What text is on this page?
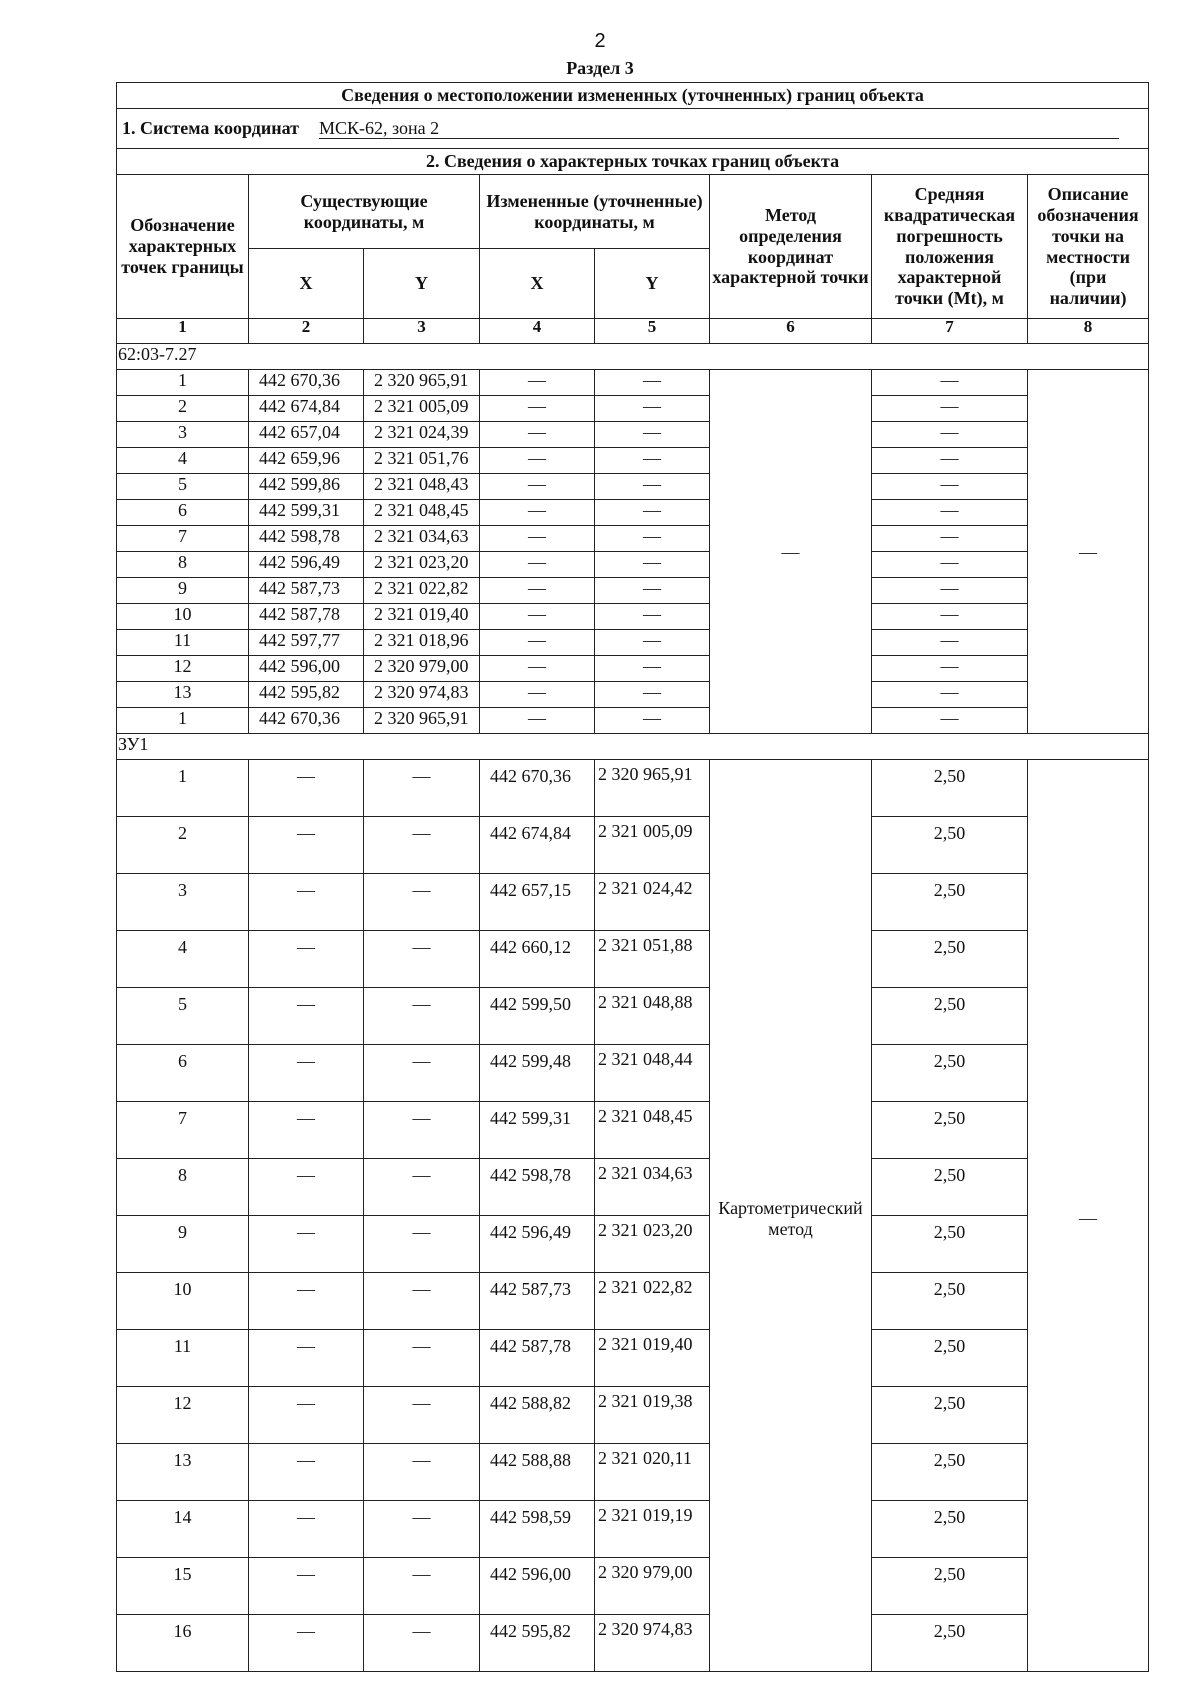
2
Раздел 3
Сведения о местоположении измененных (уточненных) границ объекта							
1. Система координат МСК-62, зона 2							
2. Сведения о характерных точках границ объекта							
Обозначение характерных точек границы	Существующие координаты, м		Измененные (уточненные) координаты, м		Метод определения координат характерной точки	Средняя квадратическая погрешность положения характерной точки (Mt), м	Описание обозначения точки на местности (при наличии)
	X	Y	X	Y			
1	2	3	4	5	6	7	8
62:03-7.27							
1	442 670,36	2 320 965,91	—	—	—	—	—
2	442 674,84	2 321 005,09	—	—		—	
3	442 657,04	2 321 024,39	—	—		—	
4	442 659,96	2 321 051,76	—	—		—	
5	442 599,86	2 321 048,43	—	—		—	
6	442 599,31	2 321 048,45	—	—		—	
7	442 598,78	2 321 034,63	—	—		—	
8	442 596,49	2 321 023,20	—	—		—	
9	442 587,73	2 321 022,82	—	—		—	
10	442 587,78	2 321 019,40	—	—		—	
11	442 597,77	2 321 018,96	—	—		—	
12	442 596,00	2 320 979,00	—	—		—	
13	442 595,82	2 320 974,83	—	—		—	
1	442 670,36	2 320 965,91	—	—		—	
ЗУ1							
1	—	—	442 670,36	2 320 965,91	Картометрический метод	2,50	—
2	—	—	442 674,84	2 321 005,09		2,50	
3	—	—	442 657,15	2 321 024,42		2,50	
4	—	—	442 660,12	2 321 051,88		2,50	
5	—	—	442 599,50	2 321 048,88		2,50	
6	—	—	442 599,48	2 321 048,44		2,50	
7	—	—	442 599,31	2 321 048,45		2,50	
8	—	—	442 598,78	2 321 034,63		2,50	
9	—	—	442 596,49	2 321 023,20		2,50	
10	—	—	442 587,73	2 321 022,82		2,50	
11	—	—	442 587,78	2 321 019,40		2,50	
12	—	—	442 588,82	2 321 019,38		2,50	
13	—	—	442 588,88	2 321 020,11		2,50	
14	—	—	442 598,59	2 321 019,19		2,50	
15	—	—	442 596,00	2 320 979,00		2,50	
16	—	—	442 595,82	2 320 974,83		2,50	
